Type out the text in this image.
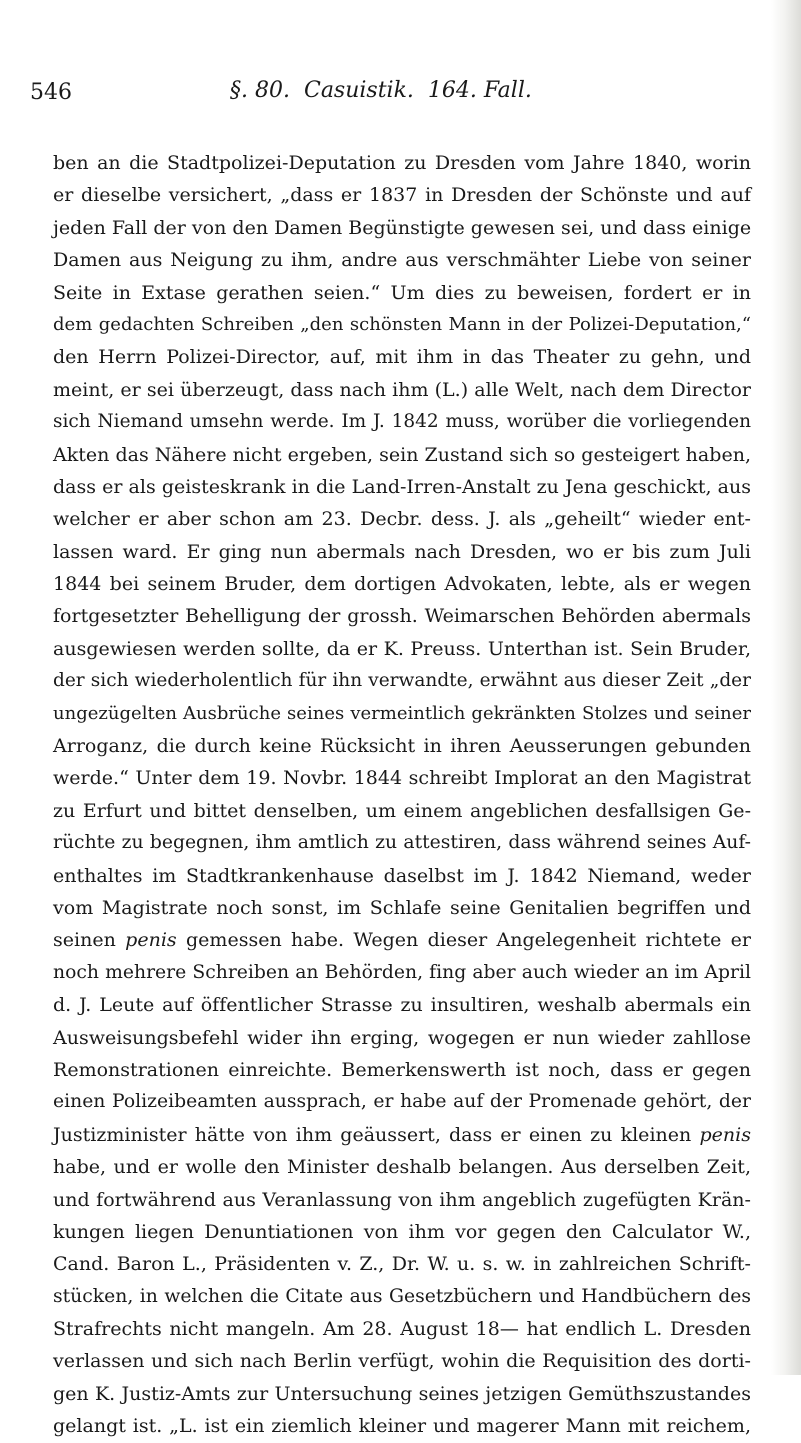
546	§. 80. Casuistik. 164. Fall.
ben an die Stadtpolizei-Deputation zu Dresden vom Jahre 1840, worin
er dieselbe versichert, „dass er 1837 in Dresden der Schönste und auf
jeden Fall der von den Damen Begünstigte gewesen sei, und dass einige
Damen aus Neigung zu ihm, andre aus verschmähter Liebe von seiner
Seite in Extase gerathen seien.“ Um dies zu beweisen, fordert er in
dem gedachten Schreiben „den schönsten Mann in der Polizei-Deputation,“
den Herrn Polizei-Director, auf, mit ihm in das Theater zu gehn, und
meint, er sei überzeugt, dass nach ihm (L.) alle Welt, nach dem Director
sich Niemand umsehn werde. Im J. 1842 muss, worüber die vorliegenden
Akten das Nähere nicht ergeben, sein Zustand sich so gesteigert haben,
dass er als geisteskrank in die Land-Irren-Anstalt zu Jena geschickt, aus
welcher er aber schon am 23. Decbr. dess. J. als „geheilt“ wieder ent-
lassen ward. Er ging nun abermals nach Dresden, wo er bis zum Juli
1844 bei seinem Bruder, dem dortigen Advokaten, lebte, als er wegen
fortgesetzter Behelligung der grossh. Weimarschen Behörden abermals
ausgewiesen werden sollte, da er K. Preuss. Unterthan ist. Sein Bruder,
der sich wiederholentlich für ihn verwandte, erwähnt aus dieser Zeit „der
ungezügelten Ausbrüche seines vermeintlich gekränkten Stolzes und seiner
Arroganz, die durch keine Rücksicht in ihren Aeusserungen gebunden
werde.“ Unter dem 19. Novbr. 1844 schreibt Implorat an den Magistrat
zu Erfurt und bittet denselben, um einem angeblichen desfallsigen Ge-
rüchte zu begegnen, ihm amtlich zu attestiren, dass während seines Auf-
enthaltes im Stadtkrankenhause daselbst im J. 1842 Niemand, weder
vom Magistrate noch sonst, im Schlafe seine Genitalien begriffen und
seinen penis gemessen habe. Wegen dieser Angelegenheit richtete er
noch mehrere Schreiben an Behörden, fing aber auch wieder an im April
d. J. Leute auf öffentlicher Strasse zu insultiren, weshalb abermals ein
Ausweisungsbefehl wider ihn erging, wogegen er nun wieder zahllose
Remonstrationen einreichte. Bemerkenswerth ist noch, dass er gegen
einen Polizeibeamten aussprach, er habe auf der Promenade gehört, der
Justizminister hätte von ihm geäussert, dass er einen zu kleinen penis
habe, und er wolle den Minister deshalb belangen. Aus derselben Zeit,
und fortwährend aus Veranlassung von ihm angeblich zugefügten Krän-
kungen liegen Denuntiationen von ihm vor gegen den Calculator W.,
Cand. Baron L., Präsidenten v. Z., Dr. W. u. s. w. in zahlreichen Schrift-
stücken, in welchen die Citate aus Gesetzbüchern und Handbüchern des
Strafrechts nicht mangeln. Am 28. August 18— hat endlich L. Dresden
verlassen und sich nach Berlin verfügt, wohin die Requisition des dorti-
gen K. Justiz-Amts zur Untersuchung seines jetzigen Gemüthszustandes
gelangt ist. „L. ist ein ziemlich kleiner und magerer Mann mit reichem,
